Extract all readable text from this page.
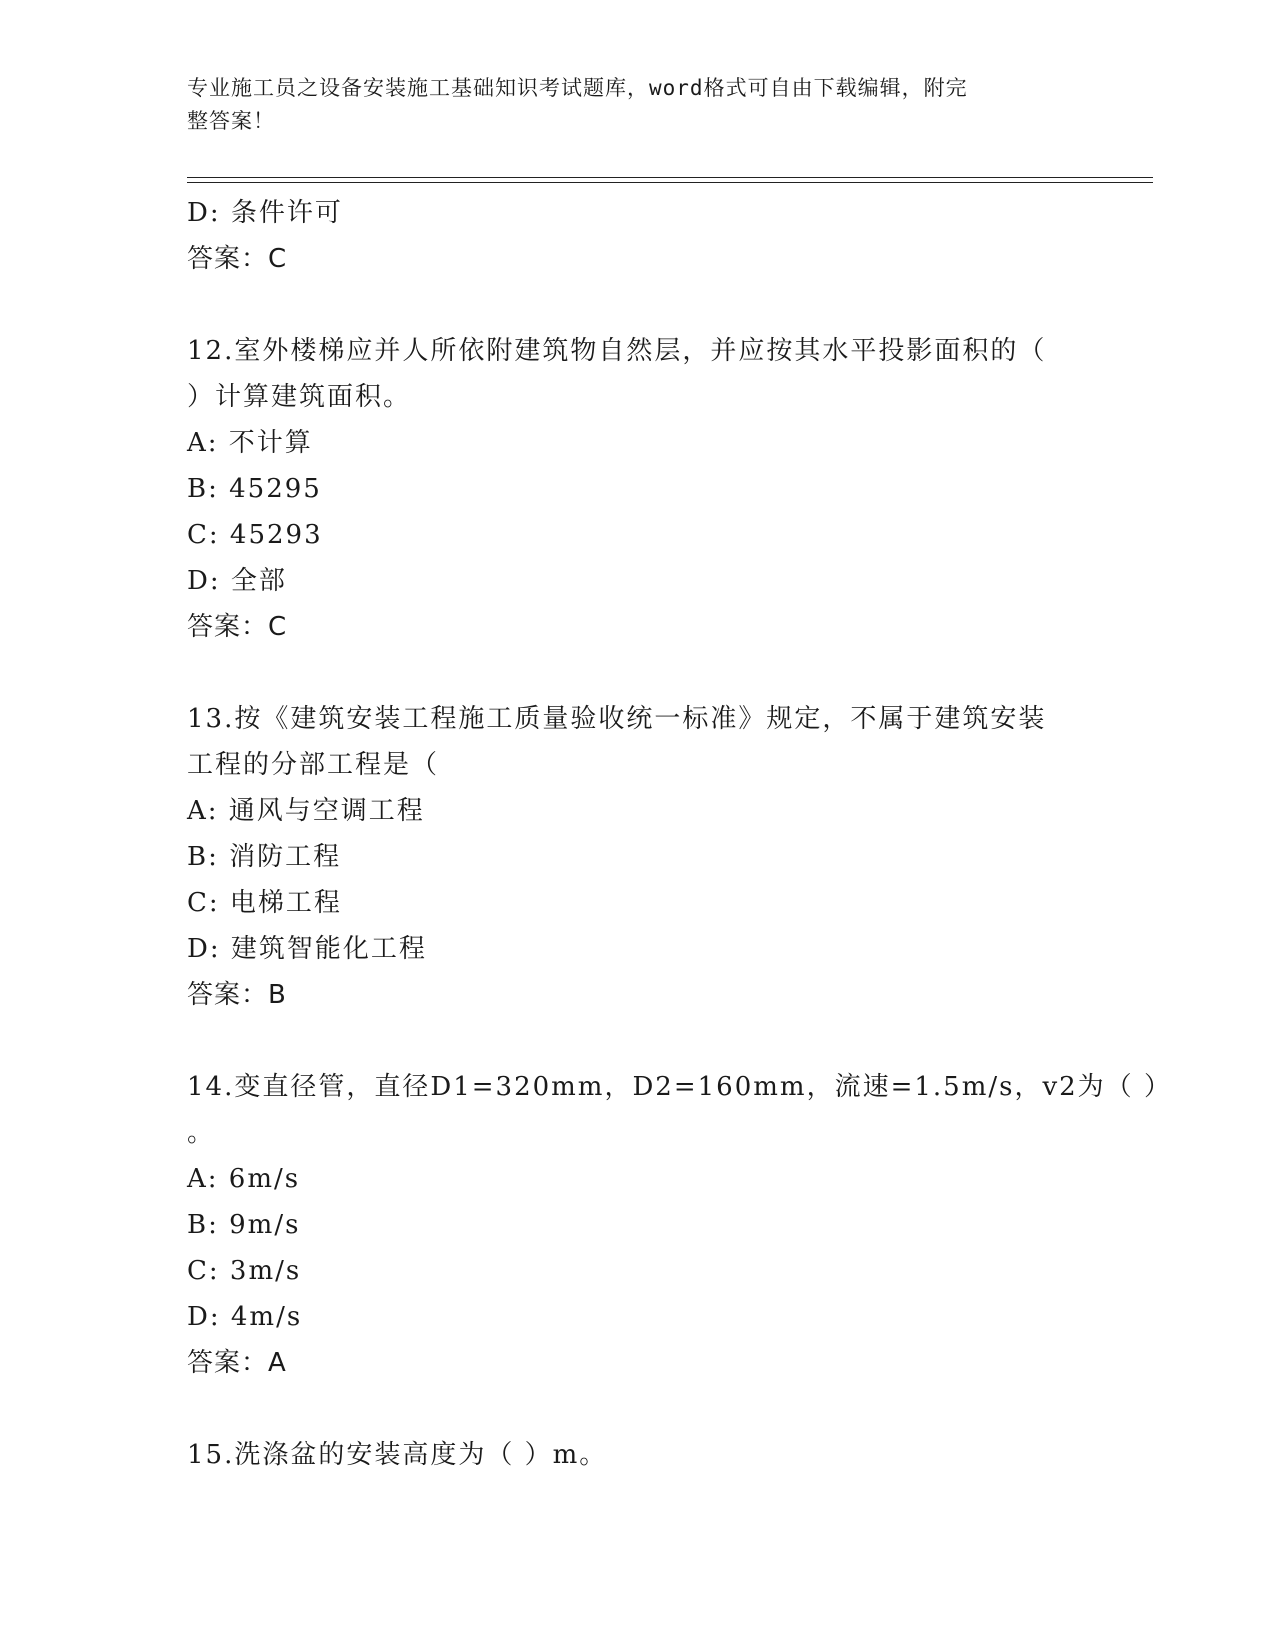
专业施工员之设备安装施工基础知识考试题库，word格式可自由下载编辑，附完
整答案！
D: 条件许可
答案：C
12.室外楼梯应并人所依附建筑物自然层，并应按其水平投影面积的（
）计算建筑面积。
A: 不计算
B: 45295
C: 45293
D: 全部
答案：C
13.按《建筑安装工程施工质量验收统一标准》规定，不属于建筑安装
工程的分部工程是（
A: 通风与空调工程
B: 消防工程
C: 电梯工程
D: 建筑智能化工程
答案：B
14.变直径管，直径D1=320mm，D2=160mm，流速=1.5m/s，v2为（ ）
。
A: 6m/s
B: 9m/s
C: 3m/s
D: 4m/s
答案：A
15.洗涤盆的安装高度为（ ）m。
